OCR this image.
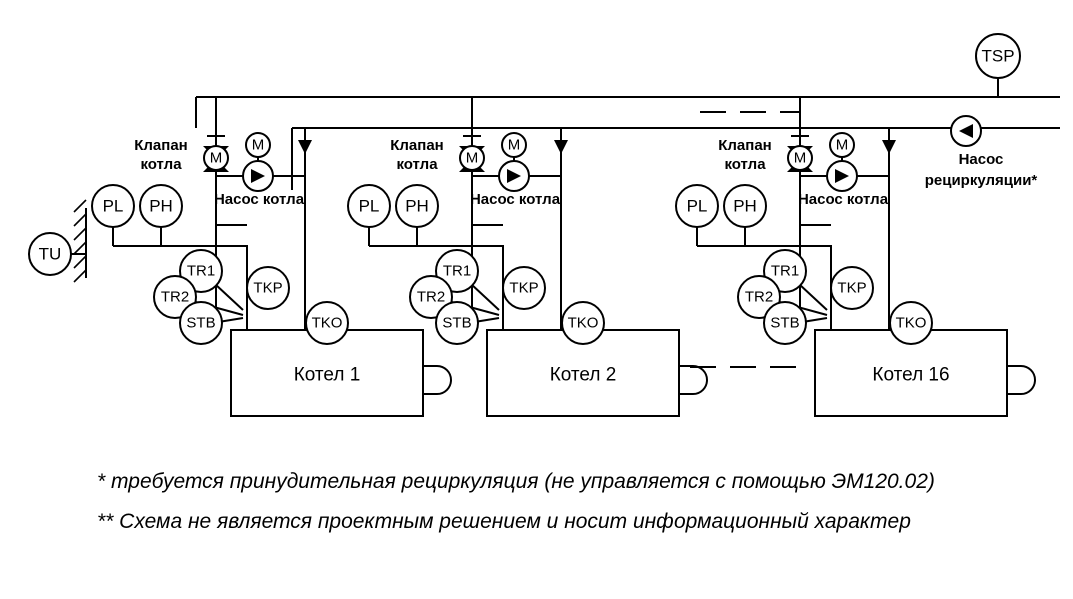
TSP
TU
Насос
рециркуляции*
Котел 1
M
Клапан
котла
M
Насос котла
PL PH
TR1
TR2
STB
TKP
TKO
Котел 2
M
Клапан
котла
M
Насос котла
PL PH
TR1
TR2
STB
TKP
TKO
Котел 16
M
Клапан
котла
M
Насос котла
PL PH
TR1
TR2
STB
TKP
TKO
* требуется принудительная рециркуляция (не управляется с помощью ЭМ120.02)
** Схема не является проектным решением и носит информационный характер
